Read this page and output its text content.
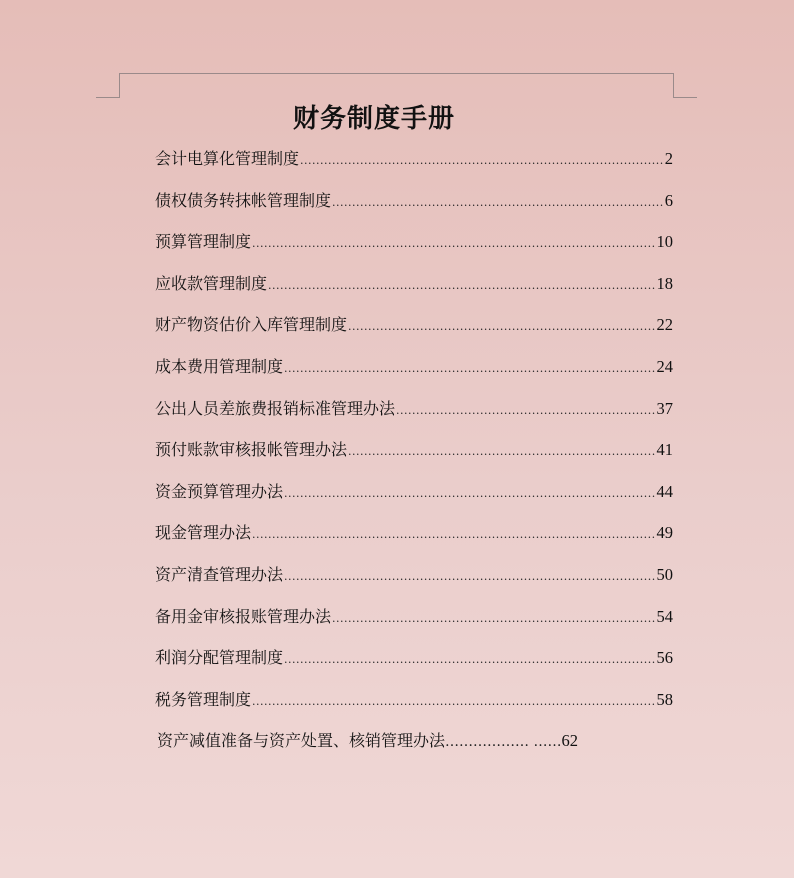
财务制度手册
会计电算化管理制度 .....	2
债权债务转抹帐管理制度 .....	6
预算管理制度 .....	10
应收款管理制度 .....	18
财产物资估价入库管理制度 .....	22
成本费用管理制度 .....	24
公出人员差旅费报销标准管理办法 .....	37
预付账款审核报帐管理办法 .....	41
资金预算管理办法 .....	44
现金管理办法 .....	49
资产清查管理办法 .....	50
备用金审核报账管理办法 .....	54
利润分配管理制度 .....	56
税务管理制度 .....	58
资产减值准备与资产处置、核销管理办法 ……………… …… 62
